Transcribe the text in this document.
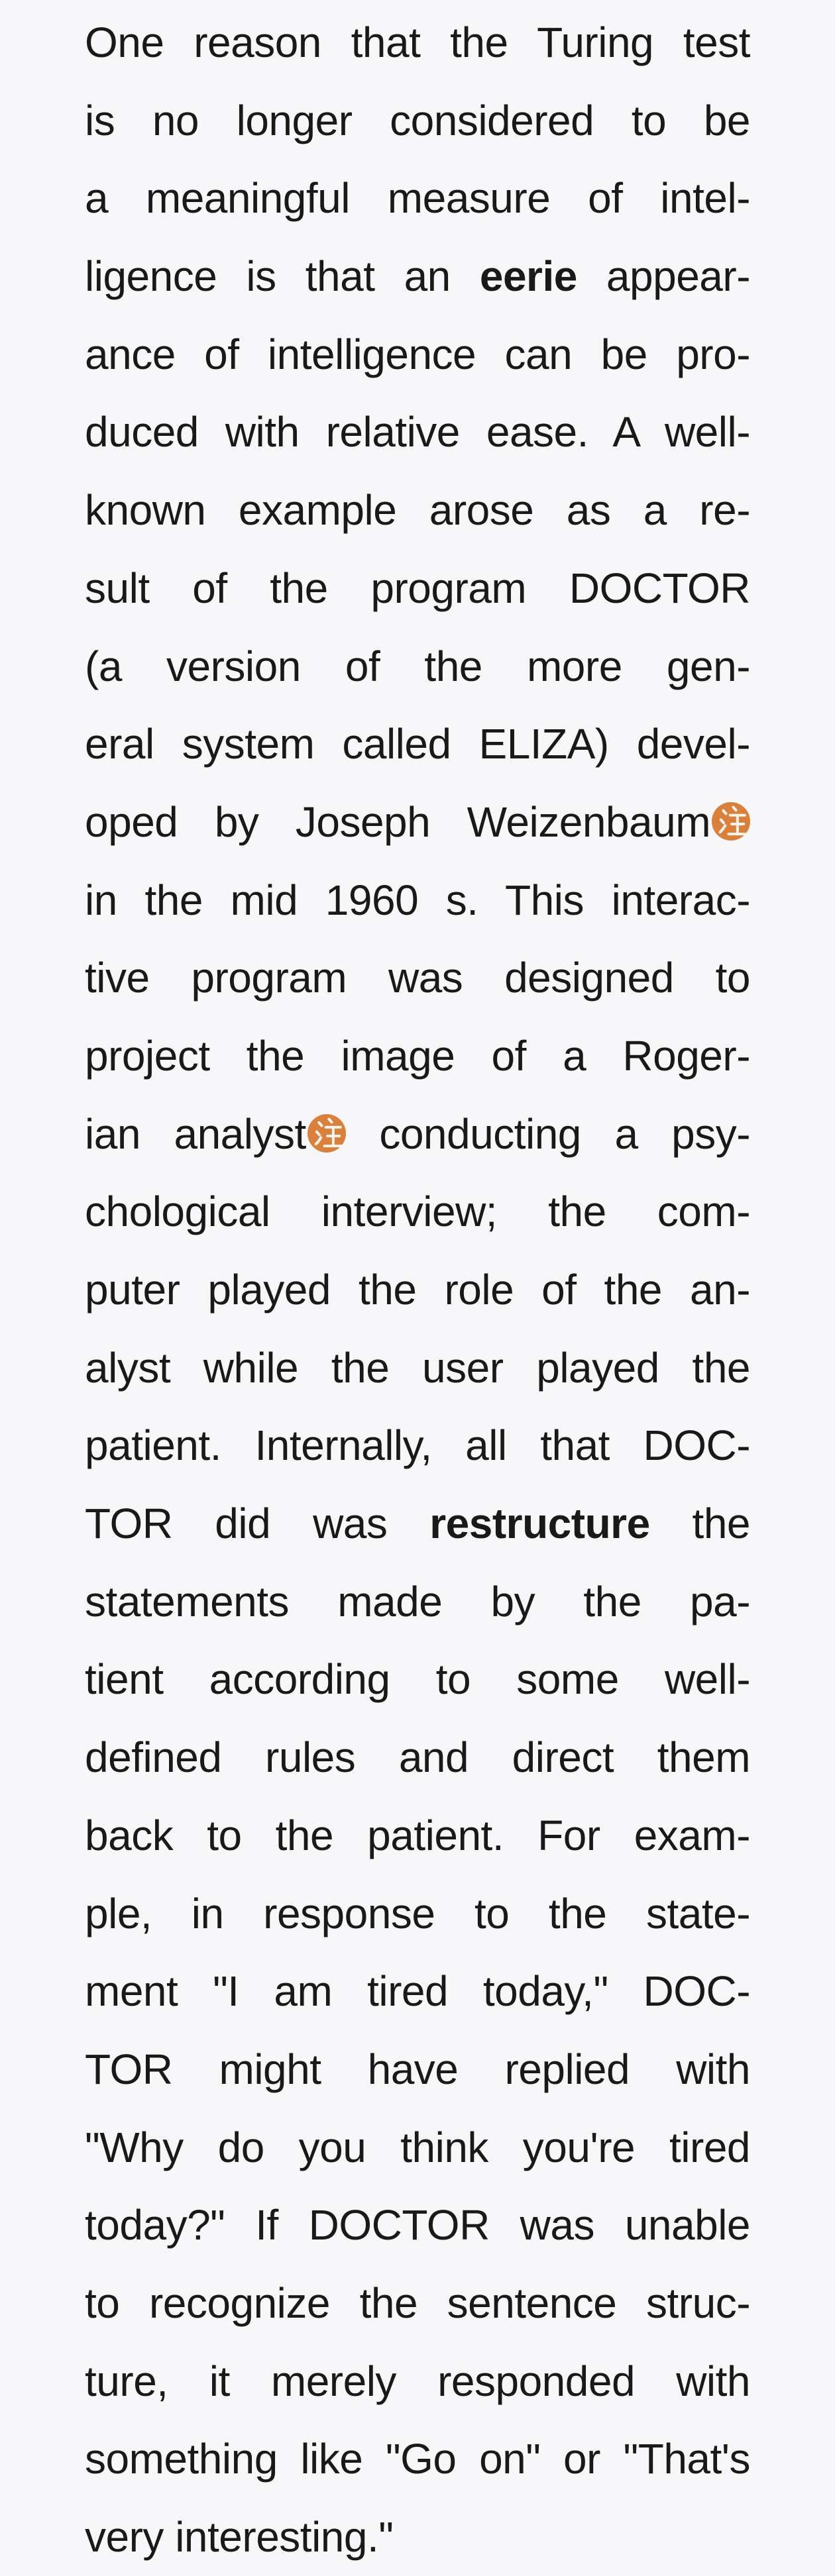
One reason that the Turing test
is no longer considered to be
a meaningful measure of intel-
ligence is that an eerie appear-
ance of intelligence can be pro-
duced with relative ease. A well-
known example arose as a re-
sult of the program DOCTOR
(a version of the more gen-
eral system called ELIZA) devel-
oped by Joseph Weizenbaum
in the mid 1960 s. This interac-
tive program was designed to
project the image of a Roger-
ian analyst
conducting a psy-
chological interview; the com-
puter played the role of the an-
alyst while the user played the
patient. Internally, all that DOC-
TOR did was restructure the
statements made by the pa-
tient according to some well-
defined rules and direct them
back to the patient. For exam-
ple, in response to the state-
ment "I am tired today," DOC-
TOR might have replied with
"Why do you think you're tired
today?" If DOCTOR was unable
to recognize the sentence struc-
ture, it merely responded with
something like "Go on" or "That's
very interesting."
